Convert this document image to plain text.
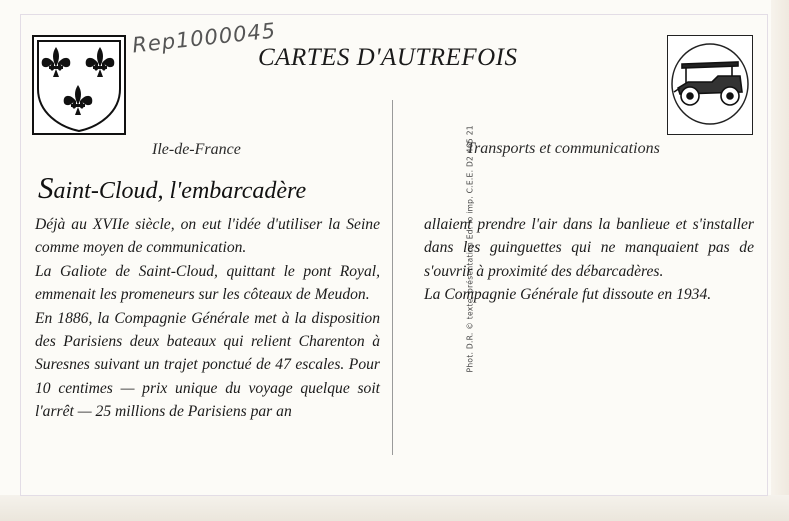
Rep1000045
CARTES D'AUTREFOIS
Ile-de-France	Transports et communications
Saint-Cloud, l'embarcadère

Déjà au XVIIe siècle, on eut l'idée d'utiliser la Seine comme moyen de communication.

La Galiote de Saint-Cloud, quittant le pont Royal, emmenait les promeneurs sur les côteaux de Meudon.

En 1886, la Compagnie Générale met à la disposition des Parisiens deux bateaux qui relient Charenton à Suresnes suivant un trajet ponctué de 47 escales. Pour 10 centimes — prix unique du voyage quelque soit l'arrêt — 25 millions de Parisiens par an

Phot. D.R. © texte, présentation Ed. lo imp. C.E.E. D2 465 21

allaient prendre l'air dans la banlieue et s'installer dans les guinguettes qui ne manquaient pas de s'ouvrir à proximité des débarcadères.

La Compagnie Générale fut dissoute en 1934.
